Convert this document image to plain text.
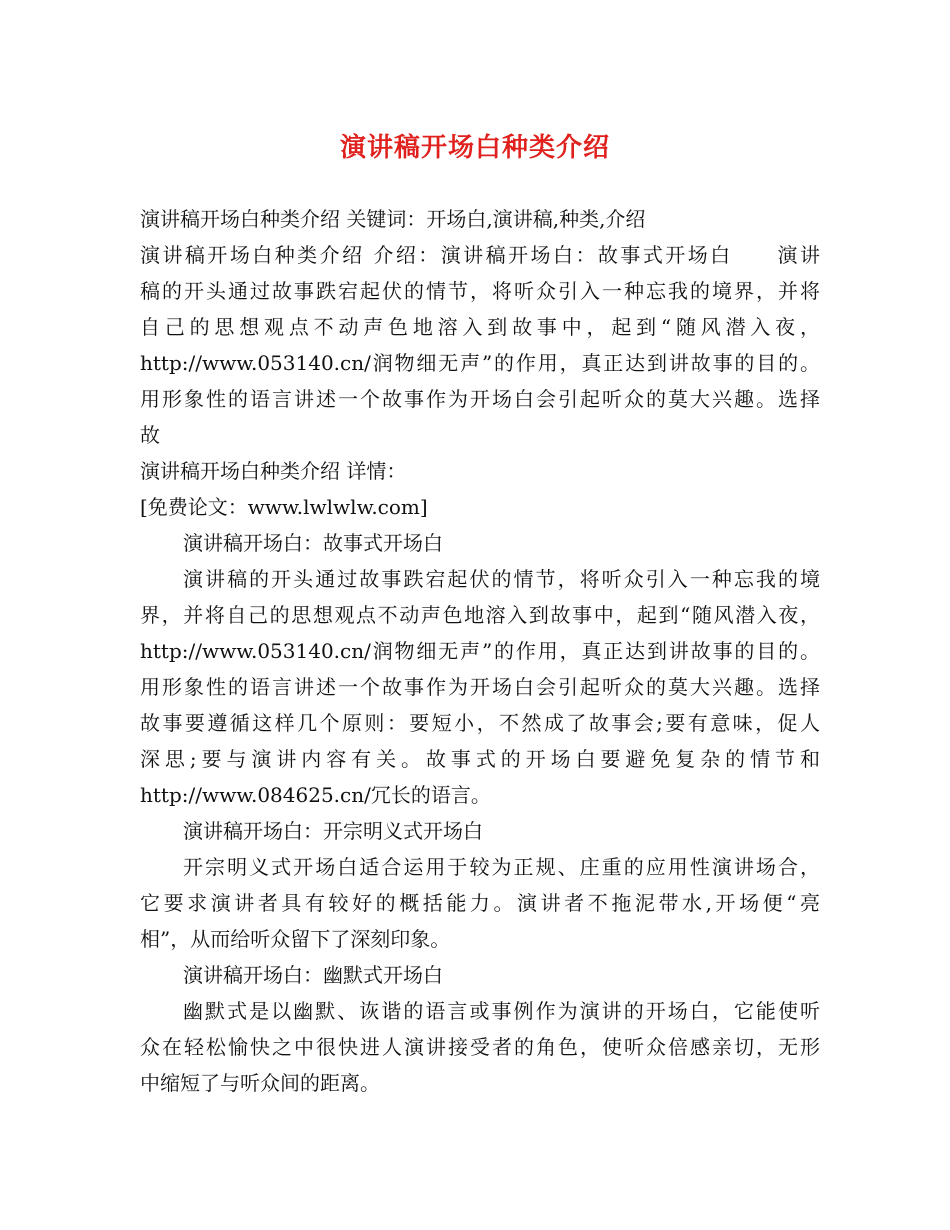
演讲稿开场白种类介绍
演讲稿开场白种类介绍 关键词：开场白,演讲稿,种类,介绍
演讲稿开场白种类介绍 介绍：演讲稿开场白：故事式开场白　　演讲
稿的开头通过故事跌宕起伏的情节，将听众引入一种忘我的境界，并将
自己的思想观点不动声色地溶入到故事中，起到“随风潜入夜，
http://www.053140.cn/润物细无声”的作用，真正达到讲故事的目的。
用形象性的语言讲述一个故事作为开场白会引起听众的莫大兴趣。选择
故
演讲稿开场白种类介绍 详情：
[免费论文：www.lwlwlw.com]
演讲稿开场白：故事式开场白
演讲稿的开头通过故事跌宕起伏的情节，将听众引入一种忘我的境
界，并将自己的思想观点不动声色地溶入到故事中，起到“随风潜入夜，
http://www.053140.cn/润物细无声”的作用，真正达到讲故事的目的。
用形象性的语言讲述一个故事作为开场白会引起听众的莫大兴趣。选择
故事要遵循这样几个原则：要短小，不然成了故事会;要有意味，促人
深思;要与演讲内容有关。故事式的开场白要避免复杂的情节和
http://www.084625.cn/冗长的语言。
演讲稿开场白：开宗明义式开场白
开宗明义式开场白适合运用于较为正规、庄重的应用性演讲场合，
它要求演讲者具有较好的概括能力。演讲者不拖泥带水,开场便“亮
相”，从而给听众留下了深刻印象。
演讲稿开场白：幽默式开场白
幽默式是以幽默、诙谐的语言或事例作为演讲的开场白，它能使听
众在轻松愉快之中很快进人演讲接受者的角色，使听众倍感亲切，无形
中缩短了与听众间的距离。
